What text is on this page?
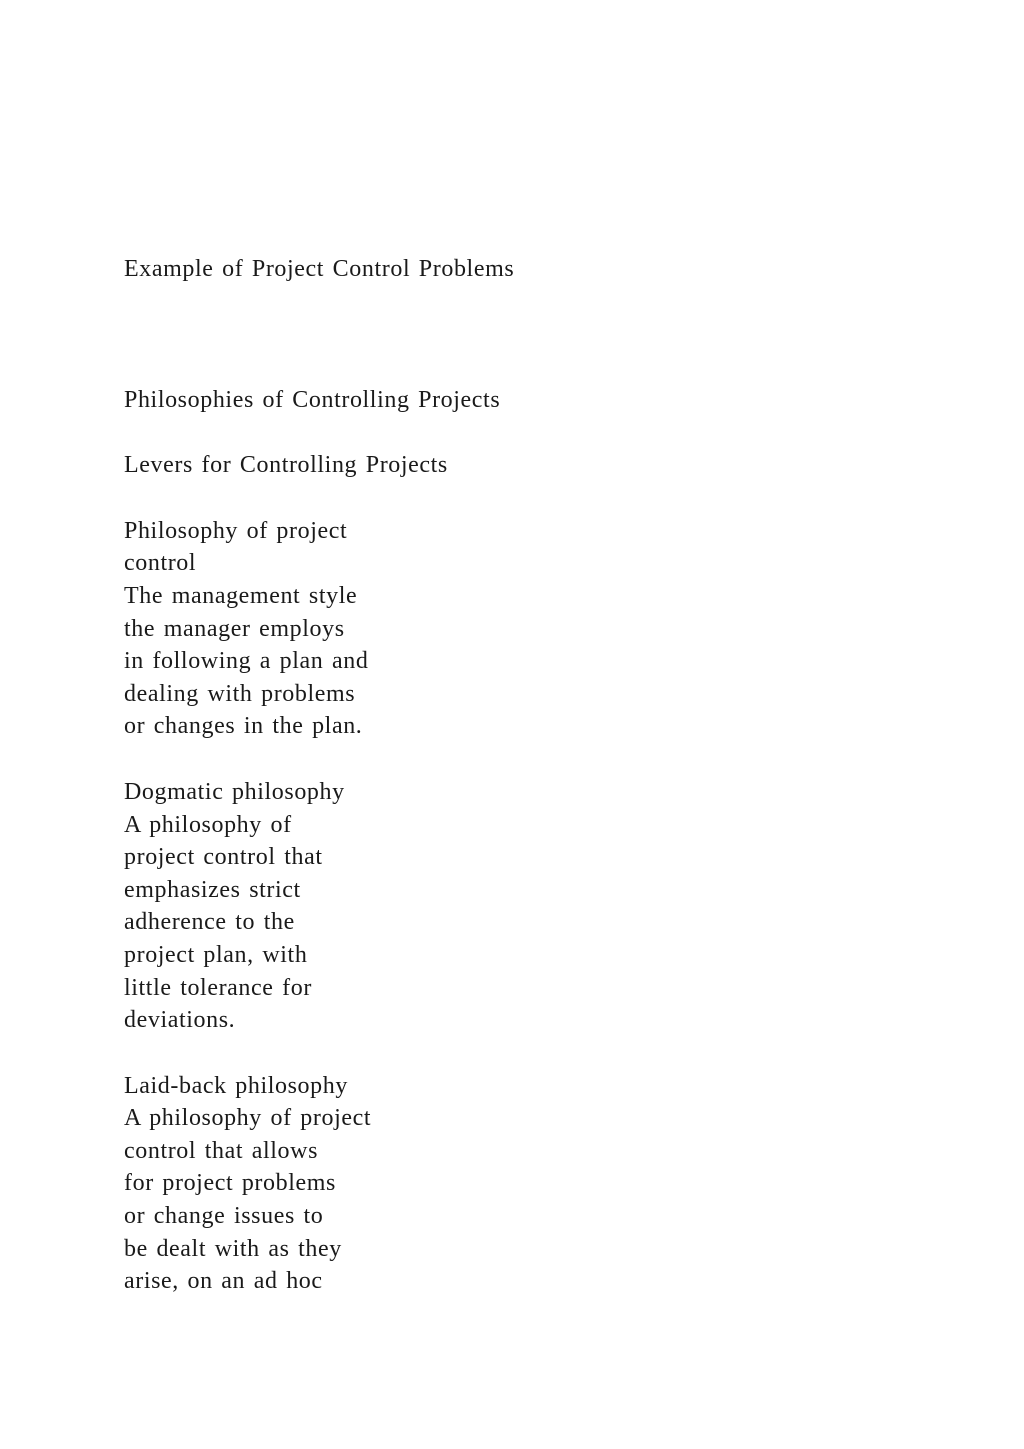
Example of Project Control Problems
Philosophies of Controlling Projects
Levers for Controlling Projects
Philosophy of project
control
The management style
the manager employs
in following a plan and
dealing with problems
or changes in the plan.
Dogmatic philosophy
A philosophy of
project control that
emphasizes strict
adherence to the
project plan, with
little tolerance for
deviations.
Laid-back philosophy
A philosophy of project
control that allows
for project problems
or change issues to
be dealt with as they
arise, on an ad hoc
